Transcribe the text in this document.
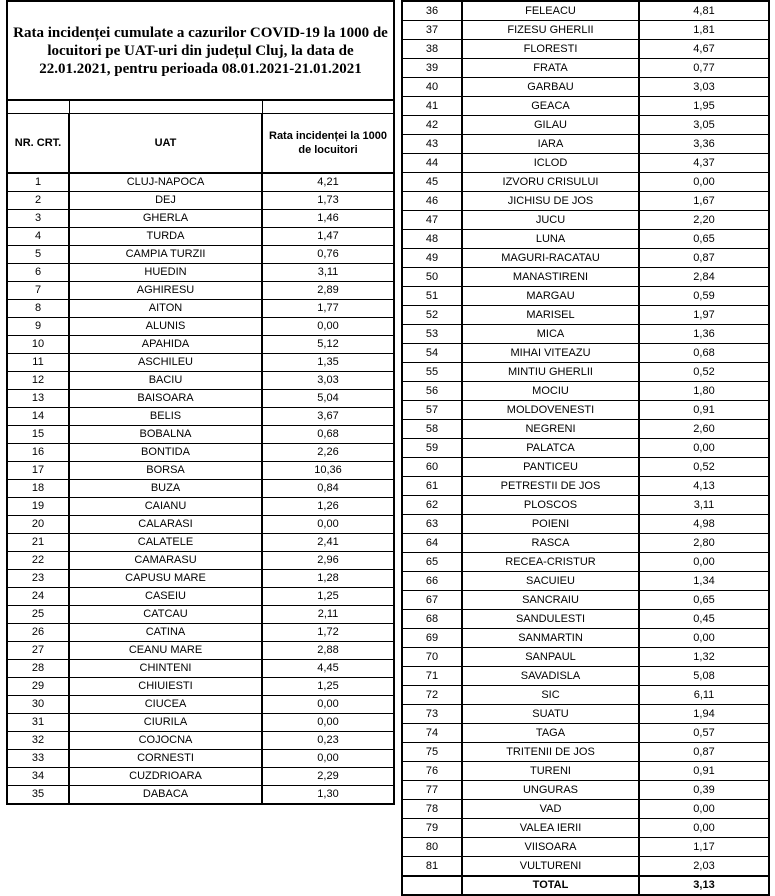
Rata incidenței cumulate a cazurilor COVID-19 la 1000 de locuitori pe UAT-uri din județul Cluj, la data de 22.01.2021, pentru perioada 08.01.2021-21.01.2021		

NR. CRT.	UAT	Rata incidenței la 1000 de locuitori
1	CLUJ-NAPOCA	4,21
2	DEJ	1,73
3	GHERLA	1,46
4	TURDA	1,47
5	CAMPIA TURZII	0,76
6	HUEDIN	3,11
7	AGHIRESU	2,89
8	AITON	1,77
9	ALUNIS	0,00
10	APAHIDA	5,12
11	ASCHILEU	1,35
12	BACIU	3,03
13	BAISOARA	5,04
14	BELIS	3,67
15	BOBALNA	0,68
16	BONTIDA	2,26
17	BORSA	10,36
18	BUZA	0,84
19	CAIANU	1,26
20	CALARASI	0,00
21	CALATELE	2,41
22	CAMARASU	2,96
23	CAPUSU MARE	1,28
24	CASEIU	1,25
25	CATCAU	2,11
26	CATINA	1,72
27	CEANU MARE	2,88
28	CHINTENI	4,45
29	CHIUIESTI	1,25
30	CIUCEA	0,00
31	CIURILA	0,00
32	COJOCNA	0,23
33	CORNESTI	0,00
34	CUZDRIOARA	2,29
35	DABACA	1,30
36	FELEACU	4,81
37	FIZESU GHERLII	1,81
38	FLORESTI	4,67
39	FRATA	0,77
40	GARBAU	3,03
41	GEACA	1,95
42	GILAU	3,05
43	IARA	3,36
44	ICLOD	4,37
45	IZVORU CRISULUI	0,00
46	JICHISU DE JOS	1,67
47	JUCU	2,20
48	LUNA	0,65
49	MAGURI-RACATAU	0,87
50	MANASTIRENI	2,84
51	MARGAU	0,59
52	MARISEL	1,97
53	MICA	1,36
54	MIHAI VITEAZU	0,68
55	MINTIU GHERLII	0,52
56	MOCIU	1,80
57	MOLDOVENESTI	0,91
58	NEGRENI	2,60
59	PALATCA	0,00
60	PANTICEU	0,52
61	PETRESTII DE JOS	4,13
62	PLOSCOS	3,11
63	POIENI	4,98
64	RASCA	2,80
65	RECEA-CRISTUR	0,00
66	SACUIEU	1,34
67	SANCRAIU	0,65
68	SANDULESTI	0,45
69	SANMARTIN	0,00
70	SANPAUL	1,32
71	SAVADISLA	5,08
72	SIC	6,11
73	SUATU	1,94
74	TAGA	0,57
75	TRITENII DE JOS	0,87
76	TURENI	0,91
77	UNGURAS	0,39
78	VAD	0,00
79	VALEA IERII	0,00
80	VIISOARA	1,17
81	VULTURENI	2,03
	TOTAL	3,13
